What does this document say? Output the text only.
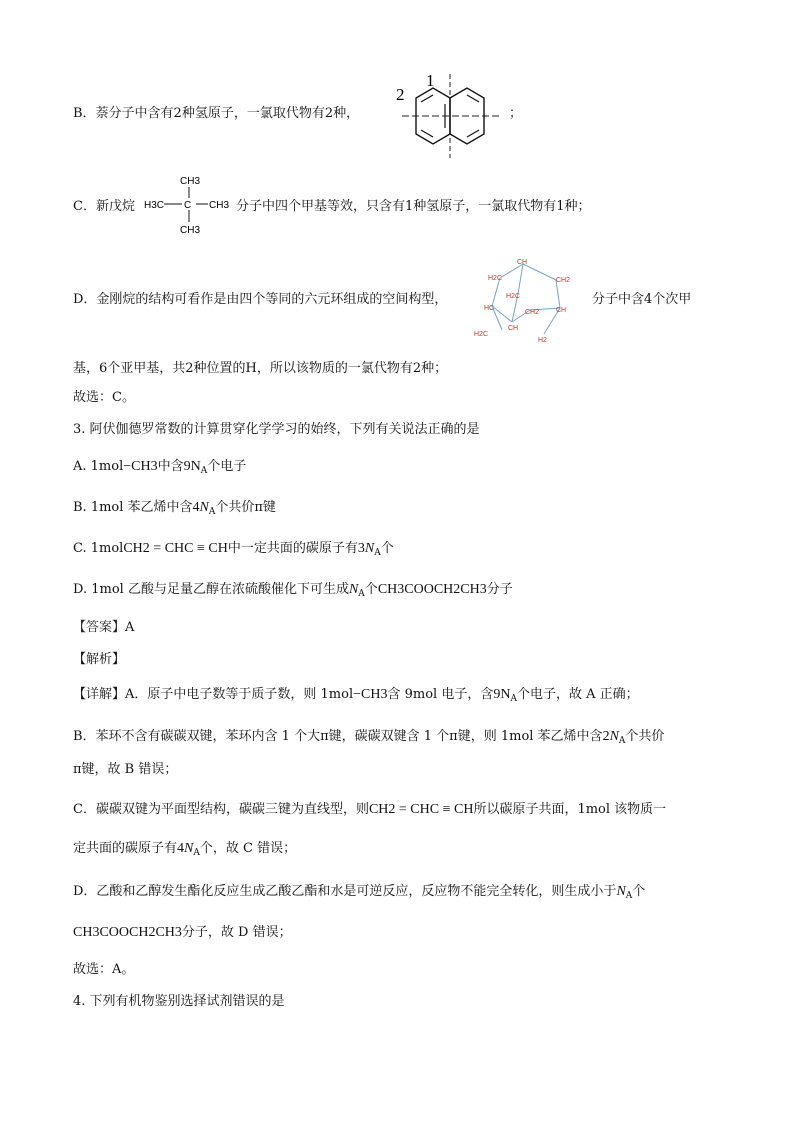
B．萘分子中含有2种氢原子，一氯取代物有2种，
1
2
；
C．新戊烷
CH3
H3C C CH3
CH3
分子中四个甲基等效，只含有1种氢原子，一氯取代物有1种；
D．金刚烷的结构可看作是由四个等同的六元环组成的空间构型，
CH
H2C	CH2
H2C
HC
CH2 CH
H2C
CH
H2
分子中含4个次甲
基，6个亚甲基，共2种位置的H，所以该物质的一氯代物有2种；
故选：C。
3. 阿伏伽德罗常数的计算贯穿化学学习的始终，下列有关说法正确的是
A. 1mol−CH3中含$9N_A$个电子
B. 1mol 苯乙烯中含$4N_A$个共价π键
C. 1molCH2 = CHC ≡ CH中一定共面的碳原子有$3N_A$个
D. 1mol 乙酸与足量乙醇在浓硫酸催化下可生成$N_A$个CH3COOCH2CH3分子
【答案】A
【解析】
【详解】A．原子中电子数等于质子数，则 1mol−CH3含 9mol 电子，含$9N_A$个电子，故 A 正确；
B．苯环不含有碳碳双键，苯环内含 1 个大π键，碳碳双键含 1 个π键，则 1mol 苯乙烯中含$2N_A$个共价
π键，故 B 错误；
C．碳碳双键为平面型结构，碳碳三键为直线型，则CH2 = CHC ≡ CH所以碳原子共面，1mol 该物质一
定共面的碳原子有$4N_A$个，故 C 错误；
D．乙酸和乙醇发生酯化反应生成乙酸乙酯和水是可逆反应，反应物不能完全转化，则生成小于$N_A$个
CH3COOCH2CH3分子，故 D 错误；
故选：A。
4. 下列有机物鉴别选择试剂错误的是
